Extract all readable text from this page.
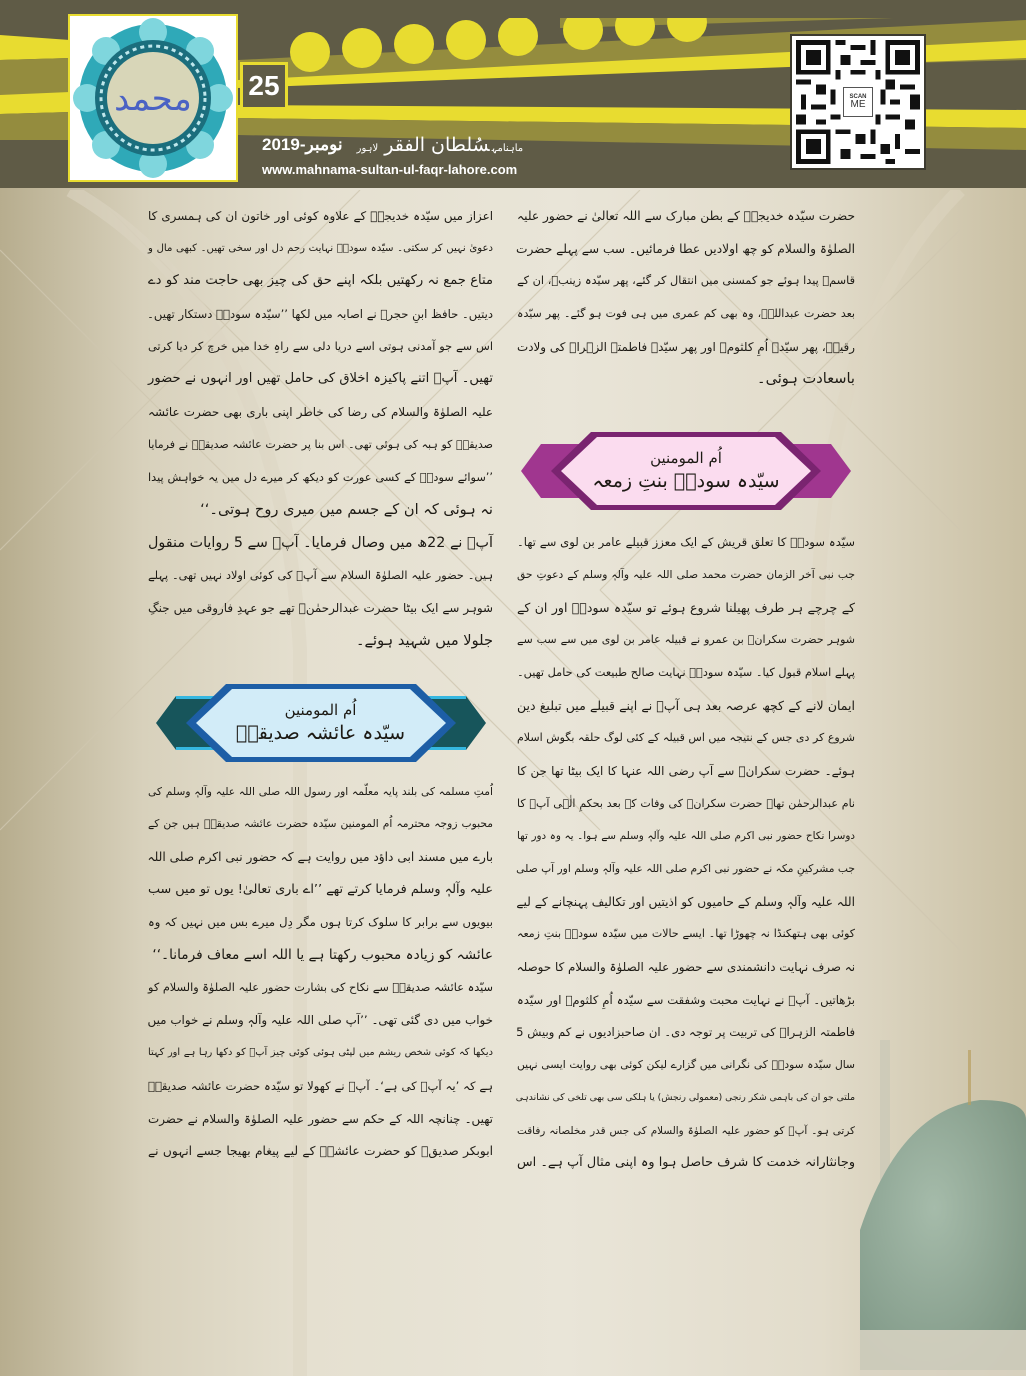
محمد	25
نومبر-2019	ماہنامہسُلطان الفقر لاہور
www.mahnama-sultan-ul-faqr-lahore.com
SCAN
ME
حضرت سیّدہ خدیجہؓ کے بطن مبارک سے اللہ تعالیٰ نے حضور علیہ
الصلوٰۃ والسلام کو چھ اولادیں عطا فرمائیں۔ سب سے پہلے حضرت
قاسمؓ پیدا ہوئے جو کمسنی میں انتقال کر گئے، پھر سیّدہ زینبؓ، ان کے
بعد حضرت عبداللہؓ، وہ بھی کم عمری میں ہی فوت ہو گئے۔ پھر سیّدہ
رقیہؓ، پھر سیّدہ اُمِ کلثومؓ اور پھر سیّدہ فاطمتہ الزہراؓ کی ولادت
باسعادت ہوئی۔
اُم المومنین
سیّدہ سودہؓ بنتِ زمعہ
سیّدہ سودہؓ کا تعلق قریش کے ایک معزز قبیلے عامر بن لوی سے تھا۔
جب نبی آخر الزمان حضرت محمد صلی اللہ علیہ وآلہٖ وسلم کے دعوتِ حق
کے چرچے ہر طرف پھیلنا شروع ہوئے تو سیّدہ سودہؓ اور ان کے
شوہر حضرت سکرانؓ بن عمرو نے قبیلہ عامر بن لوی میں سے سب سے
پہلے اسلام قبول کیا۔ سیّدہ سودہؓ نہایت صالح طبیعت کی حامل تھیں۔
ایمان لانے کے کچھ عرصہ بعد ہی آپؓ نے اپنے قبیلے میں تبلیغ دین
شروع کر دی جس کے نتیجہ میں اس قبیلہ کے کئی لوگ حلقہ بگوش اسلام
ہوئے۔ حضرت سکرانؓ سے آپ رضی اللہ عنہا کا ایک بیٹا تھا جن کا
نام عبدالرحمٰن تھا۔ حضرت سکرانؓ کی وفات کے بعد بحکمِ الٰہی آپؓ کا
دوسرا نکاح حضور نبی اکرم صلی اللہ علیہ وآلہٖ وسلم سے ہوا۔ یہ وہ دور تھا
جب مشرکینِ مکہ نے حضور نبی اکرم صلی اللہ علیہ وآلہٖ وسلم اور آپ صلی
اللہ علیہ وآلہٖ وسلم کے حامیوں کو اذیتیں اور تکالیف پہنچانے کے لیے
کوئی بھی ہتھکنڈا نہ چھوڑا تھا۔ ایسے حالات میں سیّدہ سودہؓ بنتِ زمعہ
نہ صرف نہایت دانشمندی سے حضور علیہ الصلوٰۃ والسلام کا حوصلہ
بڑھاتیں۔ آپؓ نے نہایت محبت وشفقت سے سیّدہ اُمِ کلثومؓ اور سیّدہ
فاطمتہ الزہراؓ کی تربیت پر توجہ دی۔ ان صاحبزادیوں نے کم وبیش 5
سال سیّدہ سودہؓ کی نگرانی میں گزارے لیکن کوئی بھی روایت ایسی نہیں
ملتی جو ان کی باہمی شکر رنجی (معمولی رنجش) یا ہلکی سی بھی تلخی کی نشاندہی
کرتی ہو۔ آپؓ کو حضور علیہ الصلوٰۃ والسلام کی جس قدر مخلصانہ رفاقت
وجانثارانہ خدمت کا شرف حاصل ہوا وہ اپنی مثال آپ ہے۔ اس
اعزاز میں سیّدہ خدیجہؓ کے علاوہ کوئی اور خاتون ان کی ہمسری کا
دعویٰ نہیں کر سکتی۔ سیّدہ سودہؓ نہایت رحم دل اور سخی تھیں۔ کبھی مال و
متاع جمع نہ رکھتیں بلکہ اپنے حق کی چیز بھی حاجت مند کو دے
دیتیں۔ حافظ ابنِ حجرؒ نے اصابہ میں لکھا ’’سیّدہ سودہؓ دستکار تھیں۔
اس سے جو آمدنی ہوتی اسے دریا دلی سے راہِ خدا میں خرچ کر دیا کرتی
تھیں۔ آپؓ اتنے پاکیزہ اخلاق کی حامل تھیں اور انہوں نے حضور
علیہ الصلوٰۃ والسلام کی رضا کی خاطر اپنی باری بھی حضرت عائشہ
صدیقہؓ کو ہبہ کی ہوئی تھی۔ اس بنا پر حضرت عائشہ صدیقہؓ نے فرمایا
’’سوائے سودہؓ کے کسی عورت کو دیکھ کر میرے دل میں یہ خواہش پیدا
نہ ہوئی کہ ان کے جسم میں میری روح ہوتی۔‘‘
آپؓ نے 22ھ میں وصال فرمایا۔ آپؓ سے 5 روایات منقول
ہیں۔ حضور علیہ الصلوٰۃ السلام سے آپؓ کی کوئی اولاد نہیں تھی۔ پہلے
شوہر سے ایک بیٹا حضرت عبدالرحمٰنؓ تھے جو عہدِ فاروقی میں جنگِ
جلولا میں شہید ہوئے۔
اُم المومنین
سیّدہ عائشہ صدیقہؓ
اُمتِ مسلمہ کی بلند پایہ معلّمہ اور رسول اللہ صلی اللہ علیہ وآلہٖ وسلم کی
محبوب زوجہ محترمہ اُم المومنین سیّدہ حضرت عائشہ صدیقہؓ ہیں جن کے
بارے میں مسند ابی داؤد میں روایت ہے کہ حضور نبی اکرم صلی اللہ
علیہ وآلہٖ وسلم فرمایا کرتے تھے ’’اے باری تعالیٰ! یوں تو میں سب
بیویوں سے برابر کا سلوک کرتا ہوں مگر دِل میرے بس میں نہیں کہ وہ
عائشہ کو زیادہ محبوب رکھتا ہے یا اللہ اسے معاف فرمانا۔‘‘
سیّدہ عائشہ صدیقہؓ سے نکاح کی بشارت حضور علیہ الصلوٰۃ والسلام کو
خواب میں دی گئی تھی۔ ’’آپ صلی اللہ علیہ وآلہٖ وسلم نے خواب میں
دیکھا کہ کوئی شخص ریشم میں لپٹی ہوئی کوئی چیز آپؐ کو دکھا رہا ہے اور کہتا
ہے کہ ’یہ آپؐ کی ہے‘۔ آپؐ نے کھولا تو سیّدہ حضرت عائشہ صدیقہؓ
تھیں۔ چنانچہ اللہ کے حکم سے حضور علیہ الصلوٰۃ والسلام نے حضرت
ابوبکر صدیقؓ کو حضرت عائشہؓ کے لیے پیغام بھیجا جسے انہوں نے
